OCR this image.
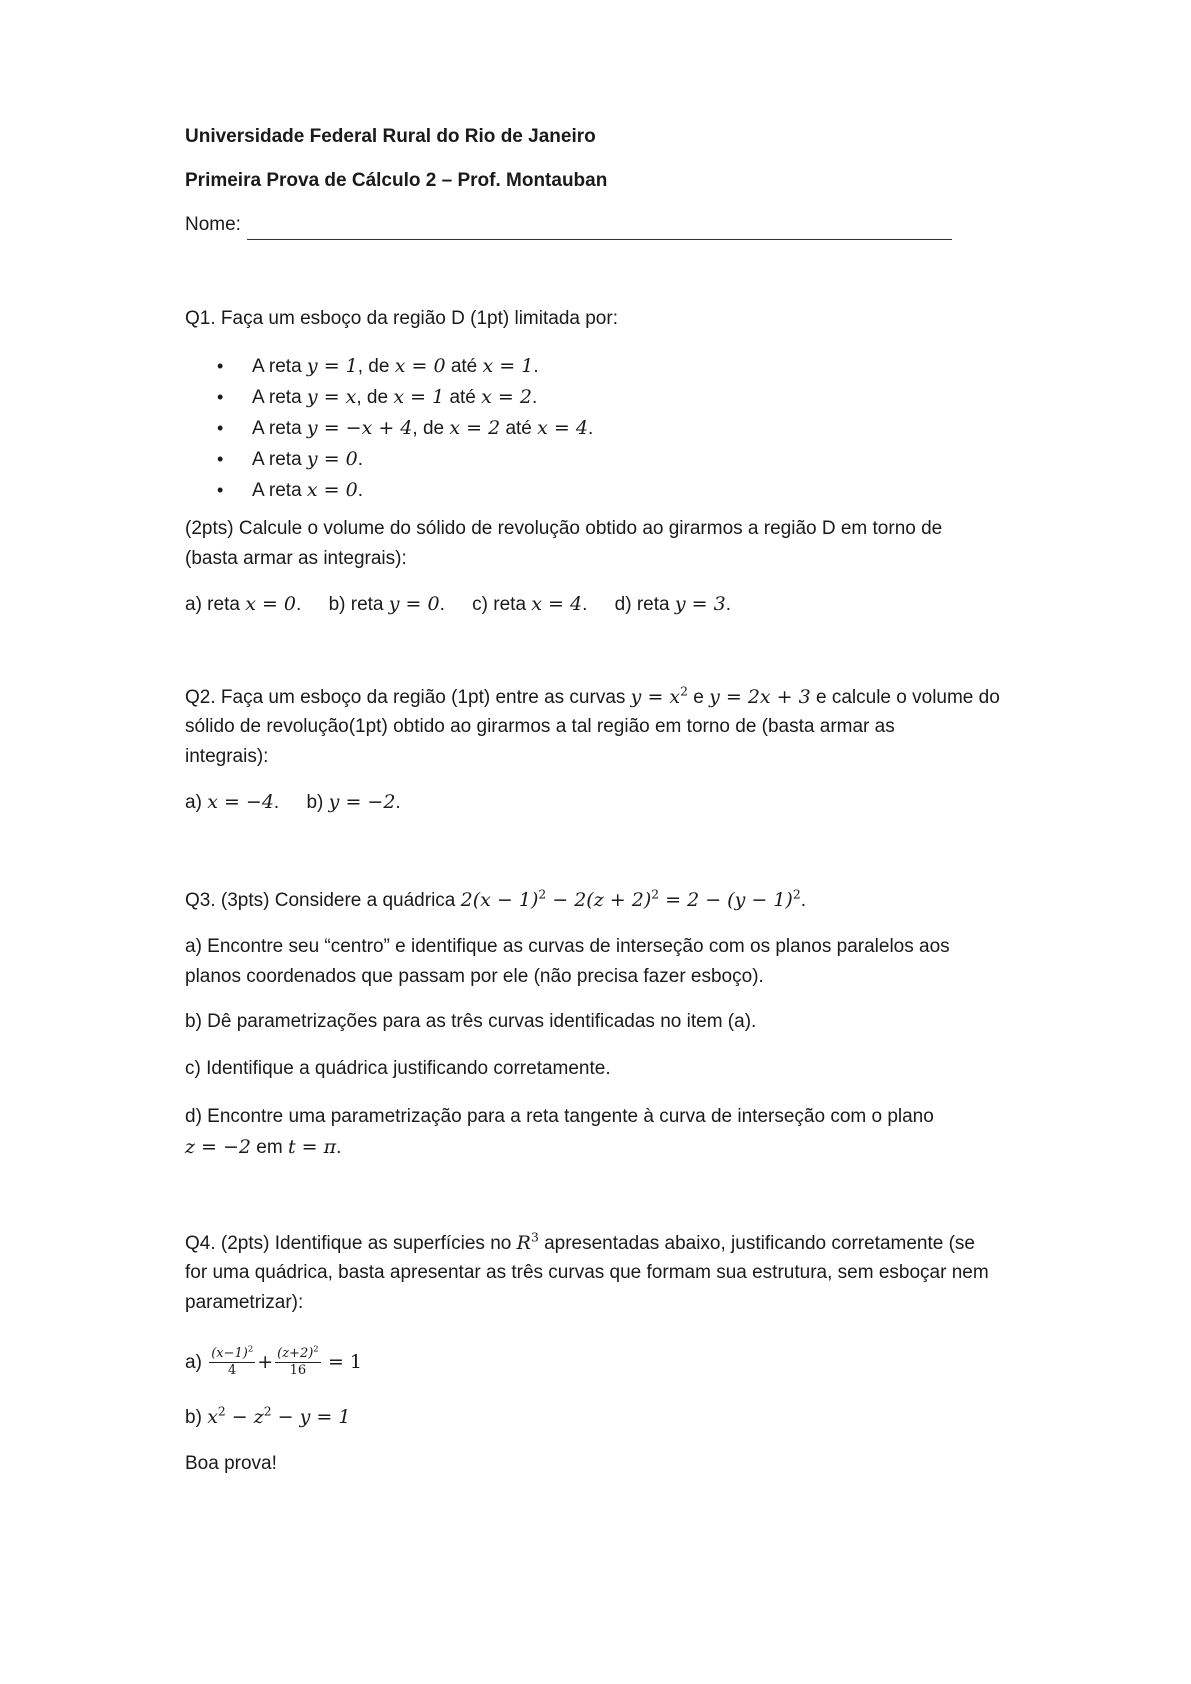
Universidade Federal Rural do Rio de Janeiro
Primeira Prova de Cálculo 2 – Prof. Montauban
Nome:
Q1. Faça um esboço da região D (1pt) limitada por:
• A reta y = 1, de x = 0 até x = 1.
• A reta y = x, de x = 1 até x = 2.
• A reta y = −x + 4, de x = 2 até x = 4.
• A reta y = 0.
• A reta x = 0.
(2pts) Calcule o volume do sólido de revolução obtido ao girarmos a região D em torno de
(basta armar as integrais):
a) reta x = 0. b) reta y = 0. c) reta x = 4. d) reta y = 3.
Q2. Faça um esboço da região (1pt) entre as curvas $y = x^2$ e y = 2x + 3 e calcule o volume do
sólido de revolução(1pt) obtido ao girarmos a tal região em torno de (basta armar as
integrais):
a) x = −4. b) y = −2.
Q3. (3pts) Considere a quádrica $2(x - 1)^2 - 2(z + 2)^2 = 2 - (y - 1)^2$.
a) Encontre seu “centro” e identifique as curvas de interseção com os planos paralelos aos
planos coordenados que passam por ele (não precisa fazer esboço).
b) Dê parametrizações para as três curvas identificadas no item (a).
c) Identifique a quádrica justificando corretamente.
d) Encontre uma parametrização para a reta tangente à curva de interseção com o plano
z = −2 em t = π.
Q4. (2pts) Identifique as superfícies no $R^3$ apresentadas abaixo, justificando corretamente (se
for uma quádrica, basta apresentar as três curvas que formam sua estrutura, sem esboçar nem
parametrizar):
$a) \frac{(x-1)^2}{4} + \frac{(z+2)^2}{16} = 1$
b) $x^2 - z^2 - y = 1$
Boa prova!
